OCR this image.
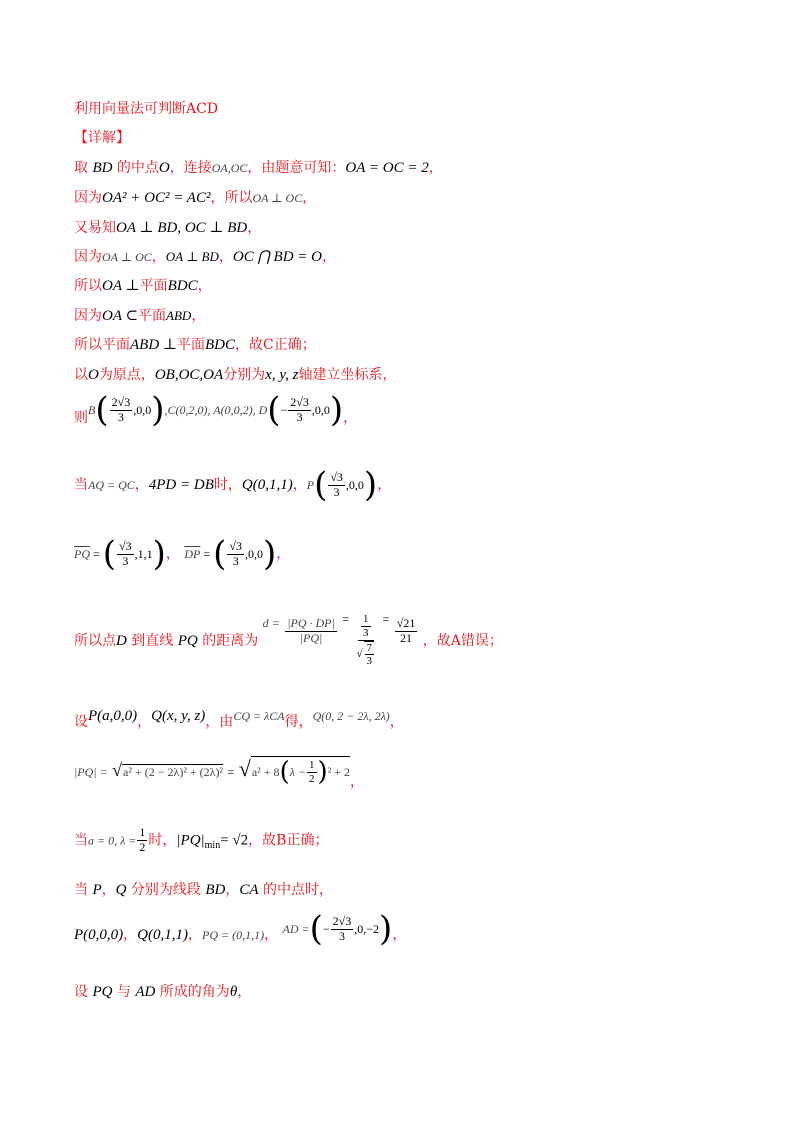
利用向量法可判断ACD
【详解】
取 BD 的中点O，连接OA,OC，由题意可知：OA = OC = 2，
因为OA² + OC² = AC²，所以OA ⊥ OC，
又易知OA ⊥ BD, OC ⊥ BD，
因为OA ⊥ OC，OA ⊥ BD，OC ⋂ BD = O，
所以OA ⊥平面BDC，
因为OA ⊂平面ABD，
所以平面ABD ⊥平面BDC，故C正确；
以O为原点，OB,OC,OA分别为x, y, z轴建立坐标系，
则$B( \frac{2√3}{3} ,0,0),C(0,2,0)$, A(0,0,2), $D(- \frac{2√3}{3} ,0,0)$，
当AQ = QC，4PD = DB时，Q(0,1,1)，$P( \frac{√3}{3} ,0,0)$，
$\overline{PQ}$ = ( $\frac{√3}{3} ,1,1$)， $\overline{DP}$ = ( $\frac{√3}{3} ,0,0$)，
所以点D 到直线 PQ 的距离为 $d = \frac{|PQ \cdot DP|}{|PQ|} = \frac{\frac{1}{3}}{√ \frac{7}{3}} = \frac{√21}{21}$ ，故A错误；
设P(a,0,0)，Q(x, y, z)，由CQ = λCA得，Q(0, 2 − 2λ, 2λ)，
$|PQ| = √a^2 + (2 - 2\lambda)^2 + (2\lambda)^2 = √a^2 + 8(\lambda - \frac{1}{2} )^2 + 2$，
当a = 0, $\lambda = \frac{1}{2}$ 时，$|PQ|_{min}= √2$，故B正确；
当 P，Q 分别为线段 BD，CA 的中点时，
P(0,0,0)，Q(0,1,1)，PQ = (0,1,1)， AD =(− $\frac{2√3}{3} ,0,-2$)，
设 PQ 与 AD 所成的角为θ，
